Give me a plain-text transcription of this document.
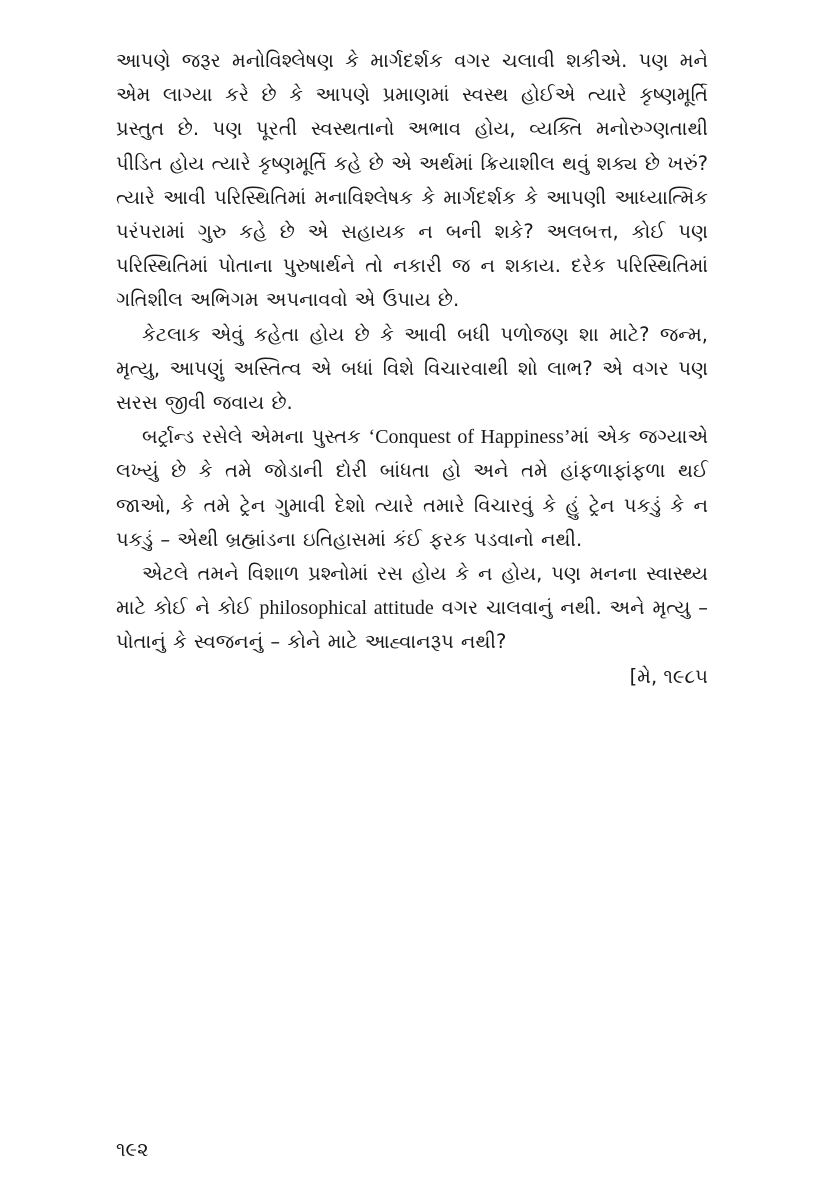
આપણે જરૂર મનોવિશ્લેષણ કે માર્ગદર્શક વગર ચલાવી શકીએ. પણ મને એમ લાગ્યા કરે છે કે આપણે પ્રમાણમાં સ્વસ્થ હોઈએ ત્યારે કૃષ્ણમૂર્તિ પ્રસ્તુત છે. પણ પૂરતી સ્વસ્થતાનો અભાવ હોય, વ્યક્તિ મનોરુગ્ણતાથી પીડિત હોય ત્યારે કૃષ્ણમૂર્તિ કહે છે એ અર્થમાં ક્રિયાશીલ થવું શક્ય છે ખરું? ત્યારે આવી પરિસ્થિતિમાં મનાવિશ્લેષક કે માર્ગદર્શક કે આપણી આધ્યાત્મિક પરંપરામાં ગુરુ કહે છે એ સહાયક ન બની શકે? અલબત્ત, કોઈ પણ પરિસ્થિતિમાં પોતાના પુરુષાર્થને તો નકારી જ ન શકાય. દરેક પરિસ્થિતિમાં ગતિશીલ અભિગમ અપનાવવો એ ઉપાય છે.

કેટલાક એવું કહેતા હોય છે કે આવી બધી પળોજણ શા માટે? જન્મ, મૃત્યુ, આપણું અસ્તિત્વ એ બધાં વિશે વિચારવાથી શો લાભ? એ વગર પણ સરસ જીવી જવાય છે.

બર્ટ્રાન્ડ રસેલે એમના પુસ્તક ‘Conquest of Happiness’માં એક જગ્યાએ લખ્યું છે કે તમે જોડાની દોરી બાંધતા હો અને તમે હાંફળાફાંફળા થઈ જાઓ, કે તમે ટ્રેન ગુમાવી દેશો ત્યારે તમારે વિચારવું કે હું ટ્રેન પકડું કે ન પકડું – એથી બ્રહ્માંડના ઇતિહાસમાં કંઈ ફરક પડવાનો નથી.

એટલે તમને વિશાળ પ્રશ્નોમાં રસ હોય કે ન હોય, પણ મનના સ્વાસ્થ્ય માટે કોઈ ને કોઈ philosophical attitude વગર ચાલવાનું નથી. અને મૃત્યુ – પોતાનું કે સ્વજનનું – કોને માટે આહ્વાનરૂપ નથી?

[મે, ૧૯૮૫

૧૯૨
